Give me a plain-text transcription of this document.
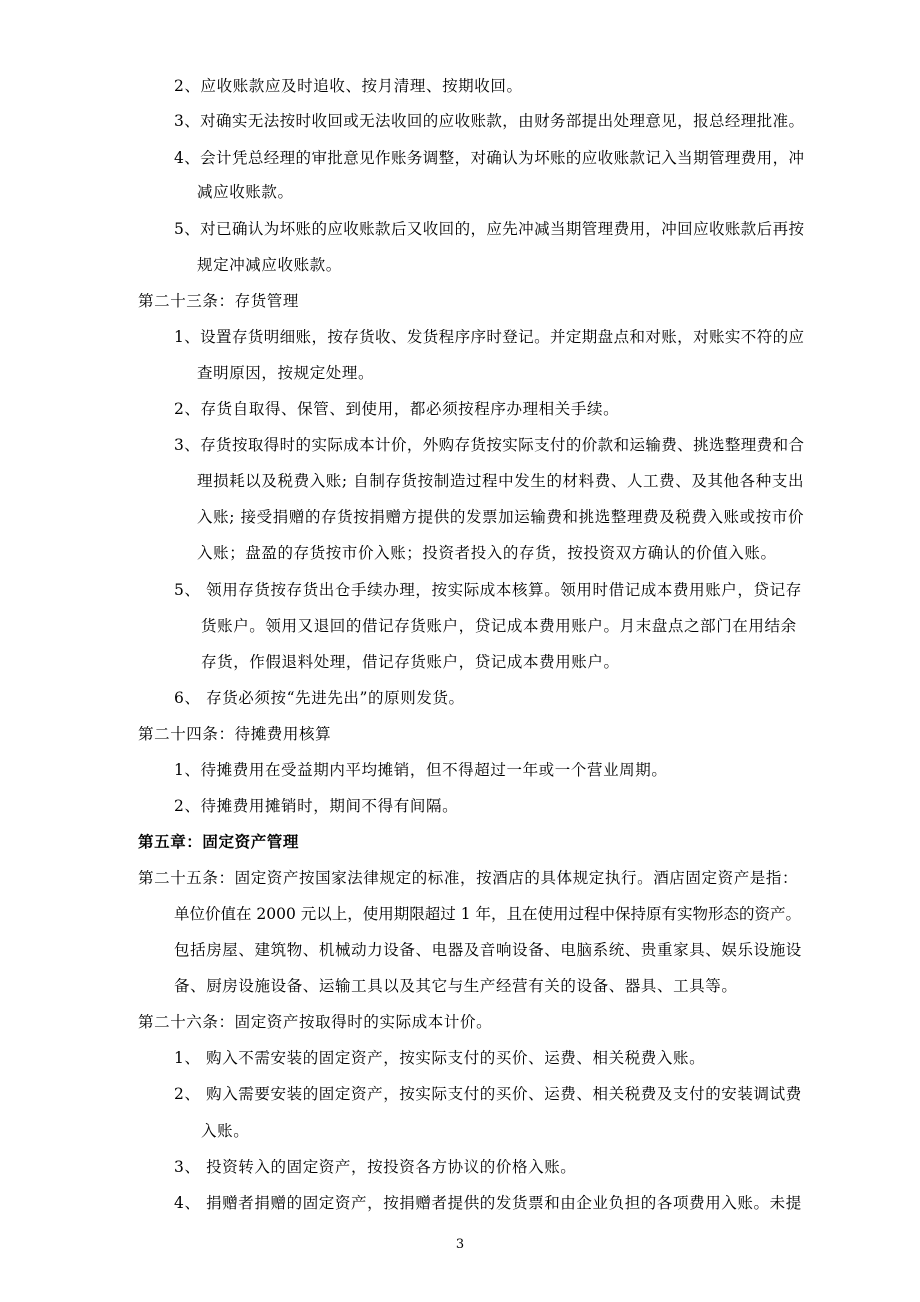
2、应收账款应及时追收、按月清理、按期收回。
3、对确实无法按时收回或无法收回的应收账款，由财务部提出处理意见，报总经理批准。
4、会计凭总经理的审批意见作账务调整，对确认为坏账的应收账款记入当期管理费用，冲
减应收账款。
5、对已确认为坏账的应收账款后又收回的，应先冲减当期管理费用，冲回应收账款后再按
规定冲减应收账款。
第二十三条：存货管理
1、设置存货明细账，按存货收、发货程序序时登记。并定期盘点和对账，对账实不符的应
查明原因，按规定处理。
2、存货自取得、保管、到使用，都必须按程序办理相关手续。
3、存货按取得时的实际成本计价，外购存货按实际支付的价款和运输费、挑选整理费和合
理损耗以及税费入账; 自制存货按制造过程中发生的材料费、人工费、及其他各种支出
入账; 接受捐赠的存货按捐赠方提供的发票加运输费和挑选整理费及税费入账或按市价
入账；盘盈的存货按市价入账；投资者投入的存货，按投资双方确认的价值入账。
5、 领用存货按存货出仓手续办理，按实际成本核算。领用时借记成本费用账户，贷记存
货账户。领用又退回的借记存货账户，贷记成本费用账户。月末盘点之部门在用结余
存货，作假退料处理，借记存货账户，贷记成本费用账户。
6、 存货必须按“先进先出”的原则发货。
第二十四条：待摊费用核算
1、待摊费用在受益期内平均摊销，但不得超过一年或一个营业周期。
2、待摊费用摊销时，期间不得有间隔。
第五章：固定资产管理
第二十五条：固定资产按国家法律规定的标准，按酒店的具体规定执行。酒店固定资产是指：
单位价值在 2000 元以上，使用期限超过 1 年，且在使用过程中保持原有实物形态的资产。
包括房屋、建筑物、机械动力设备、电器及音响设备、电脑系统、贵重家具、娱乐设施设
备、厨房设施设备、运输工具以及其它与生产经营有关的设备、器具、工具等。
第二十六条：固定资产按取得时的实际成本计价。
1、 购入不需安装的固定资产，按实际支付的买价、运费、相关税费入账。
2、 购入需要安装的固定资产，按实际支付的买价、运费、相关税费及支付的安装调试费
入账。
3、 投资转入的固定资产，按投资各方协议的价格入账。
4、 捐赠者捐赠的固定资产，按捐赠者提供的发货票和由企业负担的各项费用入账。未提
3
